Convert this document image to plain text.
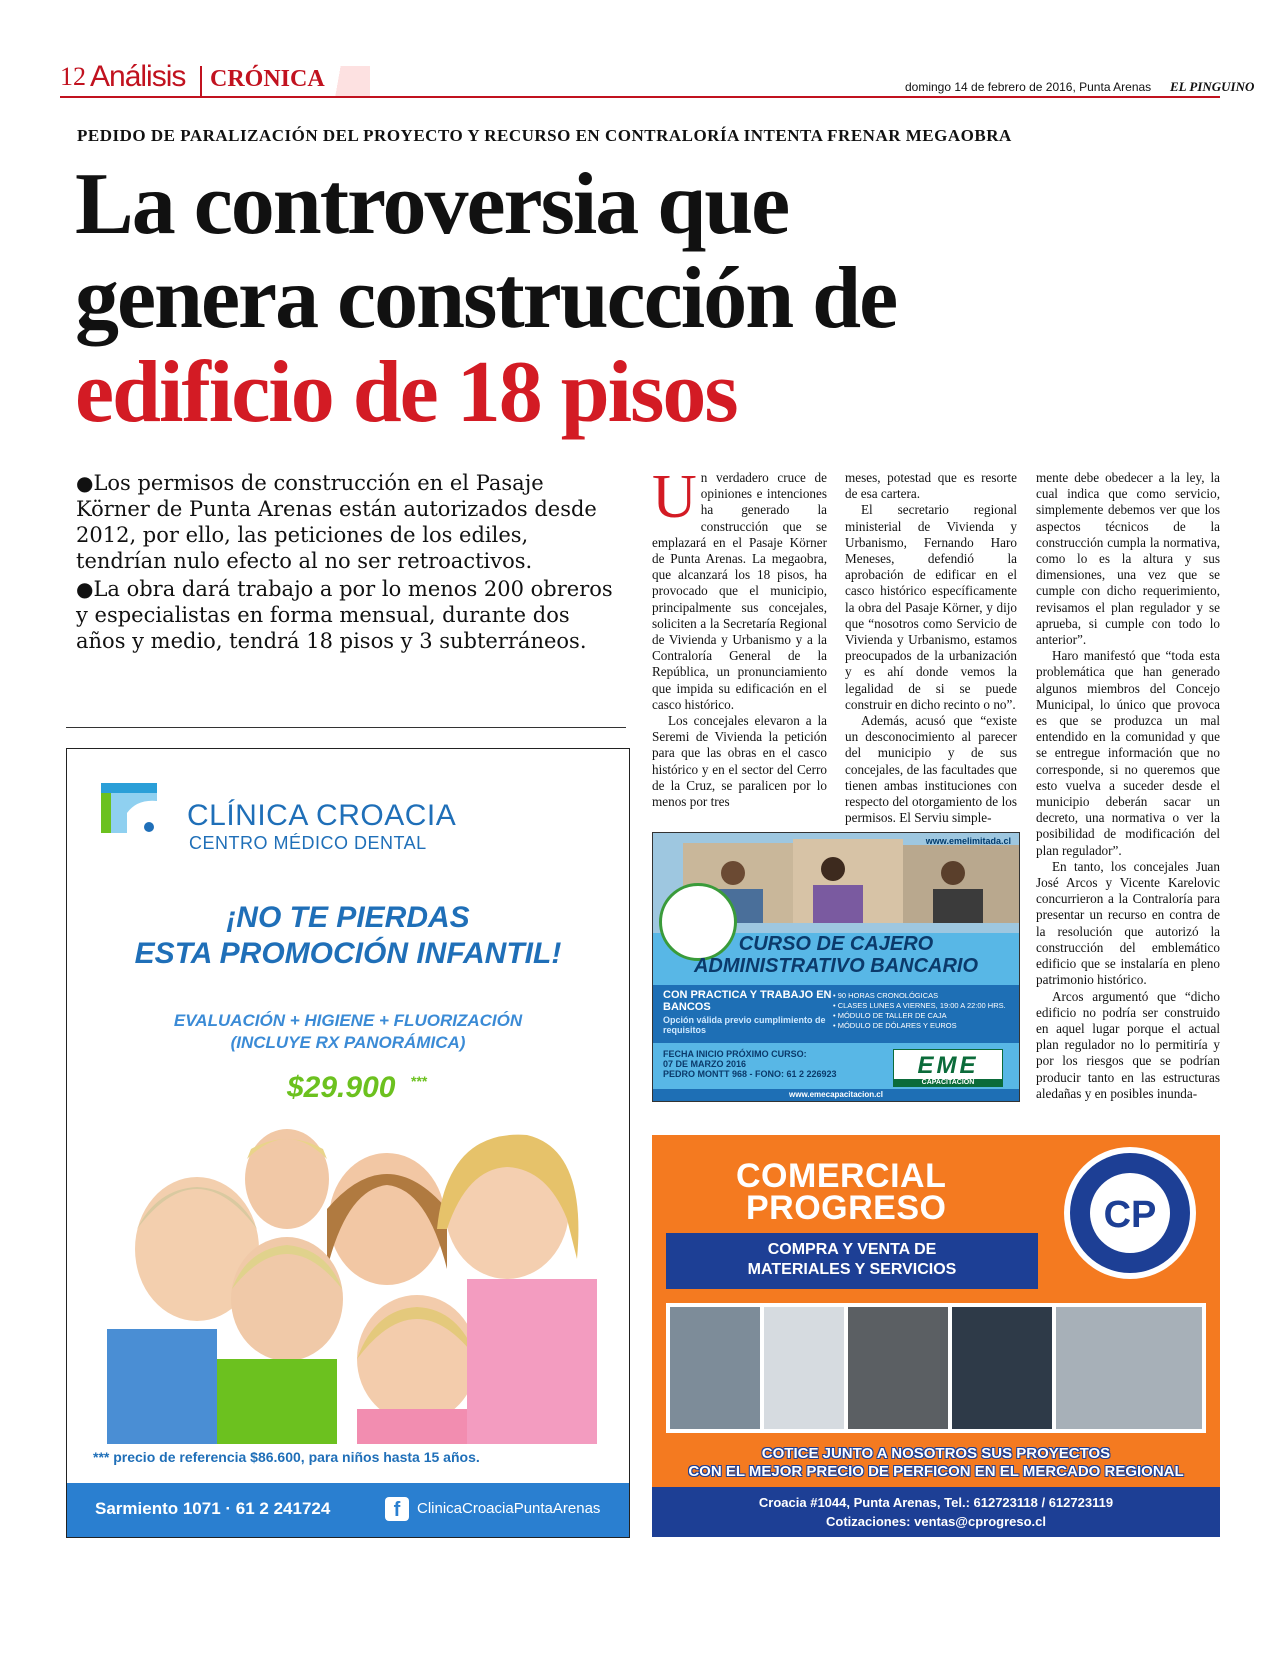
12 Análisis	CRÓNICA	domingo 14 de febrero de 2016, Punta Arenas EL PINGUINO
PEDIDO DE PARALIZACIÓN DEL PROYECTO Y RECURSO EN CONTRALORÍA INTENTA FRENAR MEGAOBRA
La controversia que
genera construcción de
edificio de 18 pisos
●Los permisos de construcción en el Pasaje Körner de Punta Arenas están autorizados desde 2012, por ello, las peticiones de los ediles, tendrían nulo efecto al no ser retroactivos.
●La obra dará trabajo a por lo menos 200 obreros y especialistas en forma mensual, durante dos años y medio, tendrá 18 pisos y 3 subterráneos.
U n verdadero cruce de opiniones e intenciones ha generado la construcción que se emplazará en el Pasaje Körner de Punta Arenas. La megaobra, que alcanzará los 18 pisos, ha provocado que el municipio, principalmente sus concejales, soliciten a la Secretaría Regional de Vivienda y Urbanismo y a la Contraloría General de la República, un pronunciamiento que impida su edificación en el casco histórico.

Los concejales elevaron a la Seremi de Vivienda la petición para que las obras en el casco histórico y en el sector del Cerro de la Cruz, se paralicen por lo menos por tres

meses, potestad que es resorte de esa cartera.

El secretario regional ministerial de Vivienda y Urbanismo, Fernando Haro Meneses, defendió la aprobación de edificar en el casco histórico específicamente la obra del Pasaje Körner, y dijo que “nosotros como Servicio de Vivienda y Urbanismo, estamos preocupados de la urbanización y es ahí donde vemos la legalidad de si se puede construir en dicho recinto o no”.

Además, acusó que “existe un desconocimiento al parecer del municipio y de sus concejales, de las facultades que tienen ambas instituciones con respecto del otorgamiento de los permisos. El Serviu simple-

mente debe obedecer a la ley, la cual indica que como servicio, simplemente debemos ver que los aspectos técnicos de la construcción cumpla la normativa, como lo es la altura y sus dimensiones, una vez que se cumple con dicho requerimiento, revisamos el plan regulador y se aprueba, si cumple con todo lo anterior”.

Haro manifestó que “toda esta problemática que han generado algunos miembros del Concejo Municipal, lo único que provoca es que se produzca un mal entendido en la comunidad y que se entregue información que no corresponde, si no queremos que esto vuelva a suceder desde el municipio deberán sacar un decreto, una normativa o ver la posibilidad de modificación del plan regulador”.

En tanto, los concejales Juan José Arcos y Vicente Karelovic concurrieron a la Contraloría para presentar un recurso en contra de la resolución que autorizó la construcción del emblemático edificio que se instalaría en pleno patrimonio histórico.

Arcos argumentó que “dicho edificio no podría ser construido en aquel lugar porque el actual plan regulador no lo permitiría y por los riesgos que se podrían producir tanto en las estructuras aledañas y en posibles inunda-

CLÍNICA CROACIA
CENTRO MÉDICO DENTAL
¡NO TE PIERDAS
ESTA PROMOCIÓN INFANTIL!
EVALUACIÓN + HIGIENE + FLUORIZACIÓN
(INCLUYE RX PANORÁMICA)
$29.900 ***
*** precio de referencia $86.600, para niños hasta 15 años.
Sarmiento 1071 · 61 2 241724	f	ClinicaCroaciaPuntaArenas
www.emelimitada.cl
CURSO DE CAJERO
ADMINISTRATIVO BANCARIO
CON PRACTICA Y TRABAJO EN BANCOS
Opción válida previo cumplimiento de requisitos
• 90 HORAS CRONOLÓGICAS
• CLASES LUNES A VIERNES, 19:00 A 22:00 HRS.
• MÓDULO DE TALLER DE CAJA
• MÓDULO DE DÓLARES Y EUROS
FECHA INICIO PRÓXIMO CURSO:
07 DE MARZO 2016
PEDRO MONTT 968 - FONO: 61 2 226923	EME
CAPACITACION
www.emecapacitacion.cl
COMERCIAL
PROGRESO
COMPRA Y VENTA DE
MATERIALES Y SERVICIOS
CP
COTICE JUNTO A NOSOTROS SUS PROYECTOS
CON EL MEJOR PRECIO DE PERFICON EN EL MERCADO REGIONAL
Croacia #1044, Punta Arenas, Tel.: 612723118 / 612723119
Cotizaciones: ventas@cprogreso.cl
